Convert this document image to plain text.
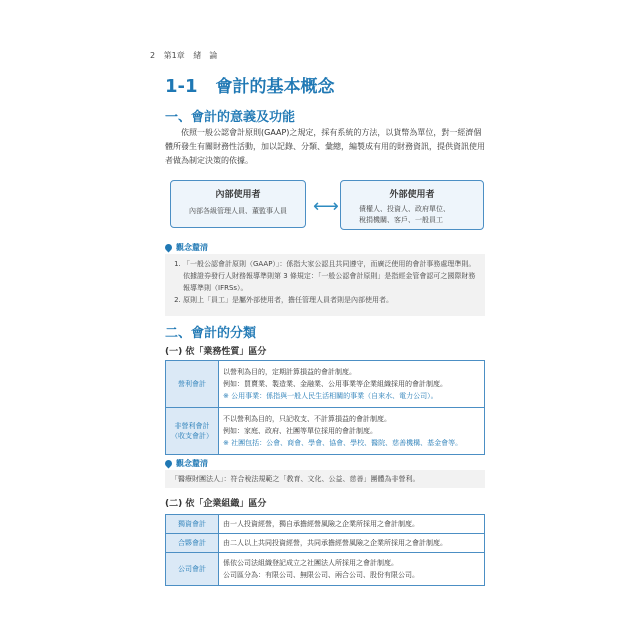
2 第1章 緒　論
1-1 會計的基本概念
一、會計的意義及功能
依照一般公認會計原則(GAAP)之規定，採有系統的方法，以貨幣為單位，對一經濟個體所發生有關財務性活動，加以記錄、分類、彙總，編製成有用的財務資訊，提供資訊使用者做為制定決策的依據。
內部使用者
內部各級管理人員、董監事人員	⟷
外部使用者
債權人、投資人、政府單位、
稅捐機關、客戶、一般員工
觀念釐清
1. 「一般公認會計原則（GAAP）」：係指大家公認且共同遵守，而廣泛使用的會計事務處理準則。依據證券發行人財務報導準則第 3 條規定：「一般公認會計原則」是指經金管會認可之國際財務報導準則（IFRSs）。
2. 原則上「員工」是屬外部使用者，擔任管理人員者則是內部使用者。
二、會計的分類
(一) 依「業務性質」區分
營利會計	以營利為目的，定期計算損益的會計制度。
例如：買賣業、製造業、金融業、公用事業等企業組織採用的會計制度。
※ 公用事業：係指與一般人民生活相關的事業（自來水、電力公司）。

非營利會計（收支會計）	不以營利為目的，只記收支、不計算損益的會計制度。
例如：家庭、政府、社團等單位採用的會計制度。
※ 社團包括：公會、商會、學會、協會、學校、醫院、慈善機構、基金會等。
觀念釐清
「醫療財團法人」：符合稅法規範之「教育、文化、公益、慈善」團體為非營利。
(二) 依「企業組織」區分
獨資會計	由一人投資經營，獨自承擔經營風險之企業所採用之會計制度。

合夥會計	由二人以上共同投資經營，共同承擔經營風險之企業所採用之會計制度。

公司會計	係依公司法組織登記成立之社團法人所採用之會計制度。
公司區分為：有限公司、無限公司、兩合公司、股份有限公司。
